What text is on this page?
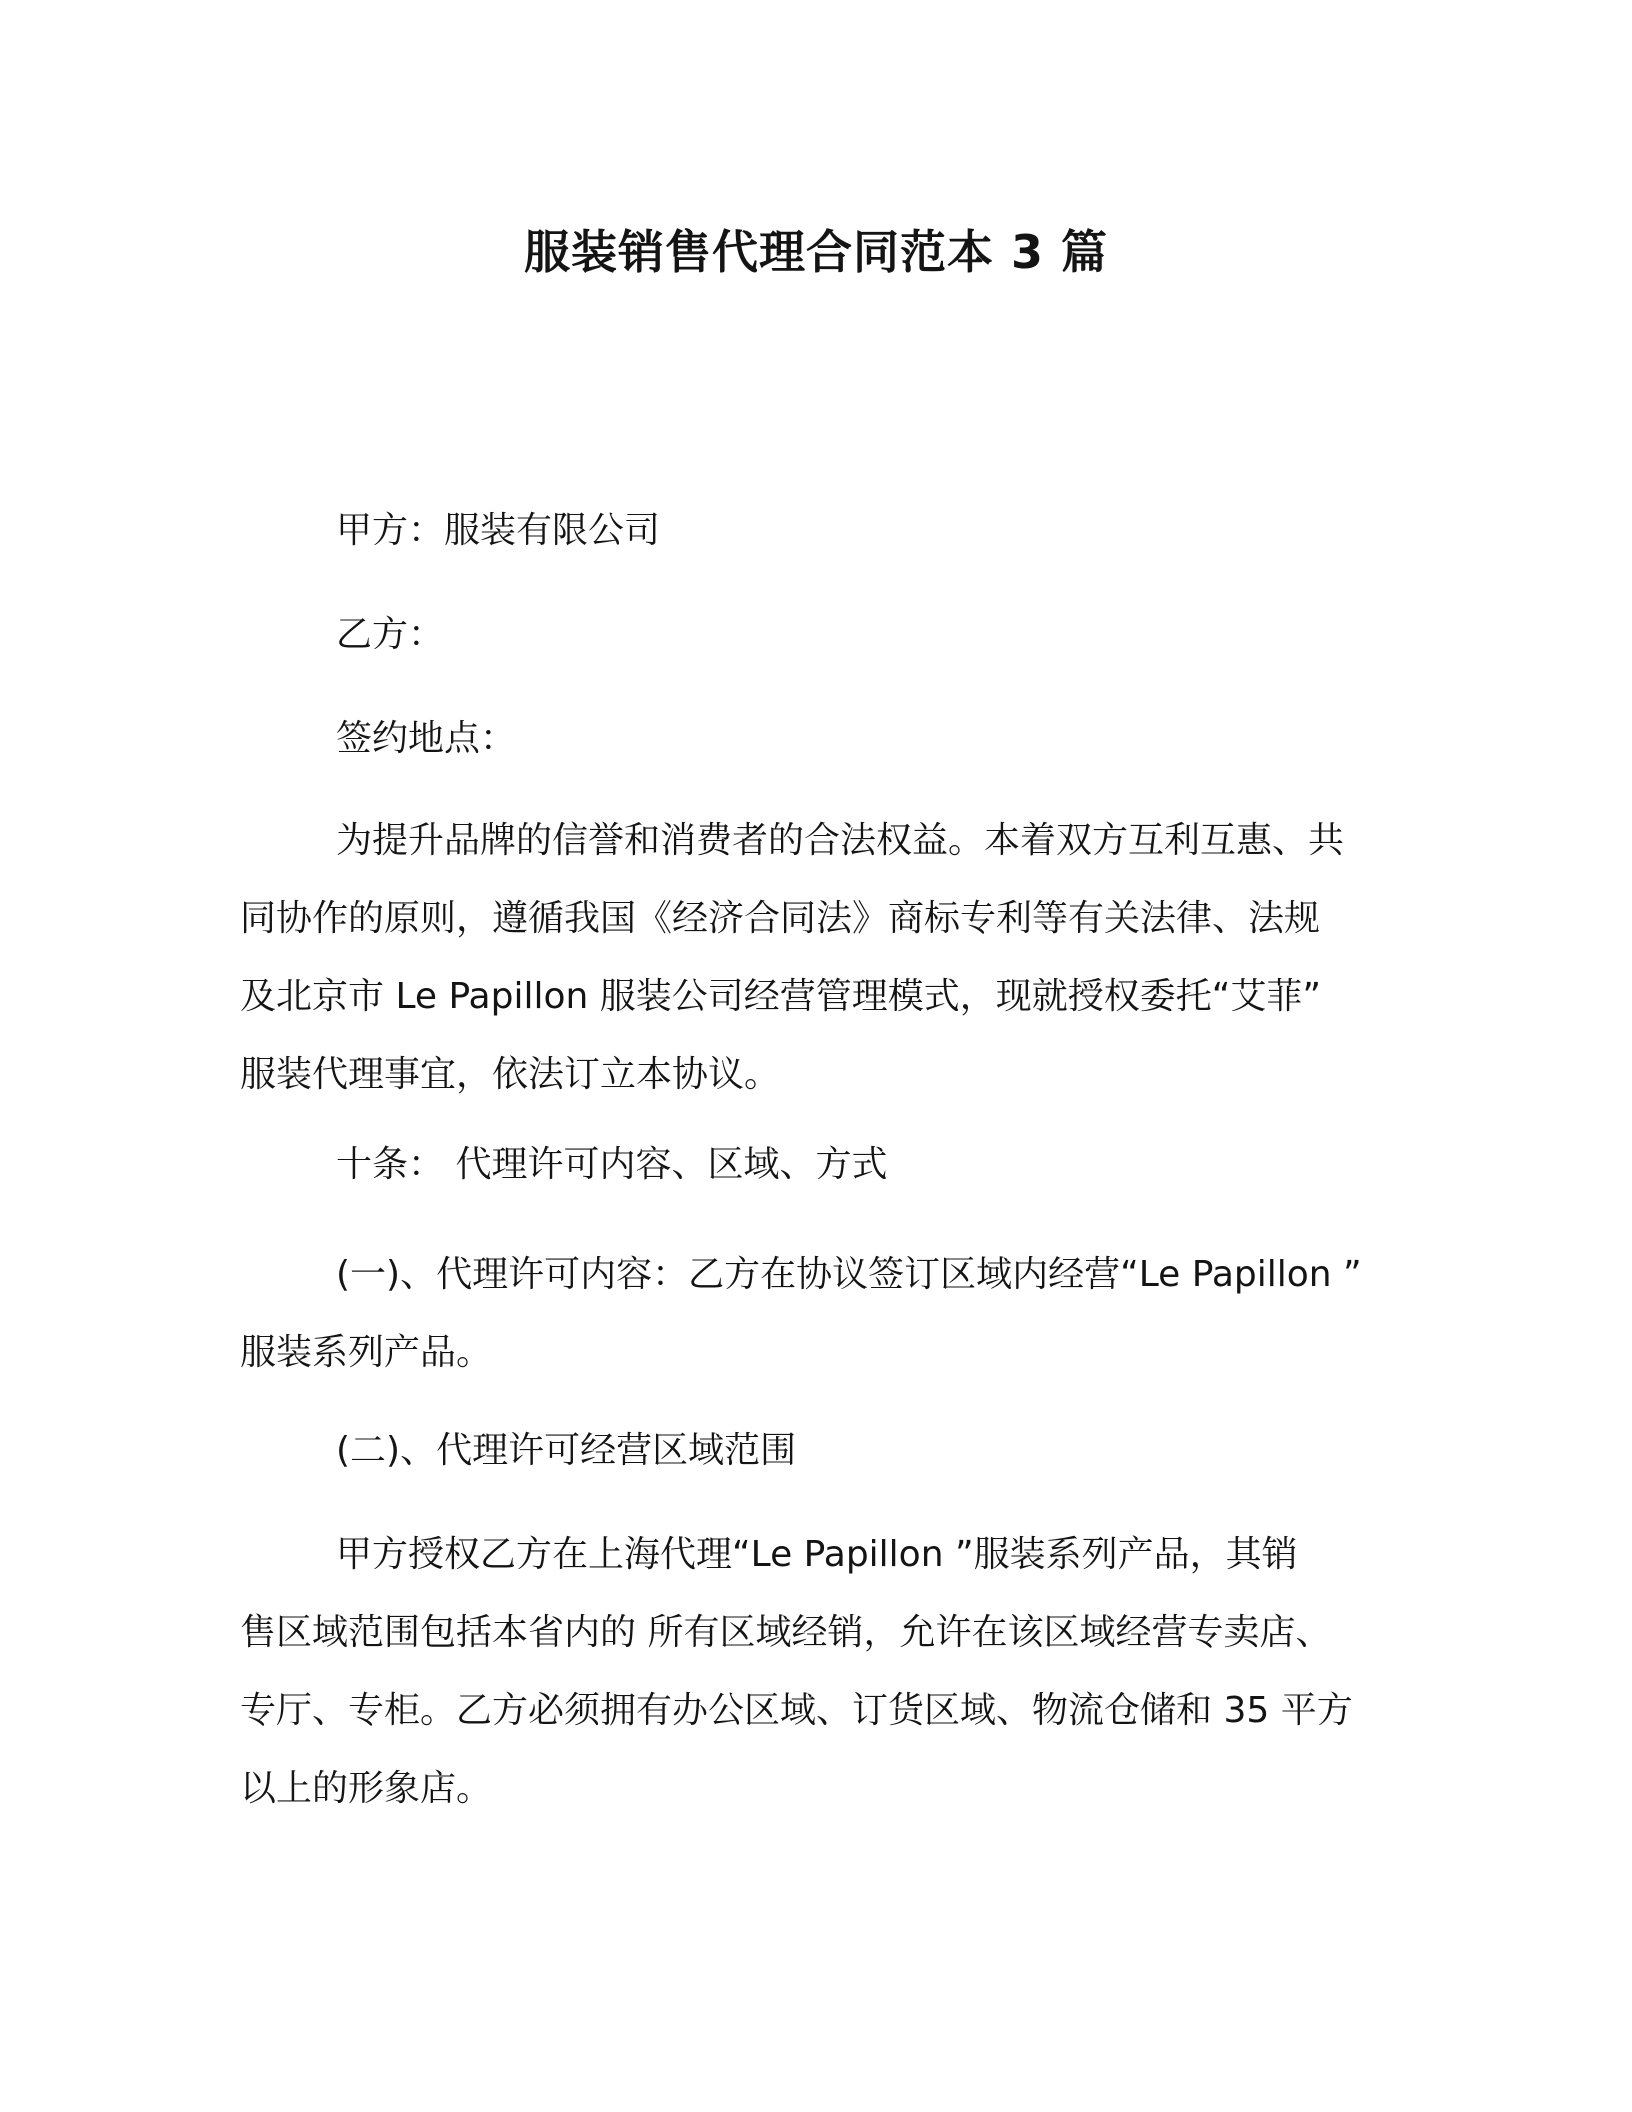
服装销售代理合同范本 3 篇

甲方：服装有限公司

乙方：

签约地点：

为提升品牌的信誉和消费者的合法权益。本着双方互利互惠、共
同协作的原则，遵循我国《经济合同法》商标专利等有关法律、法规
及北京市 Le Papillon 服装公司经营管理模式，现就授权委托“艾菲”
服装代理事宜，依法订立本协议。

十条： 代理许可内容、区域、方式

(一)、代理许可内容：乙方在协议签订区域内经营“Le Papillon ”
服装系列产品。

(二)、代理许可经营区域范围

甲方授权乙方在上海代理“Le Papillon ”服装系列产品，其销
售区域范围包括本省内的 所有区域经销，允许在该区域经营专卖店、
专厅、专柜。乙方必须拥有办公区域、订货区域、物流仓储和 35 平方
以上的形象店。
